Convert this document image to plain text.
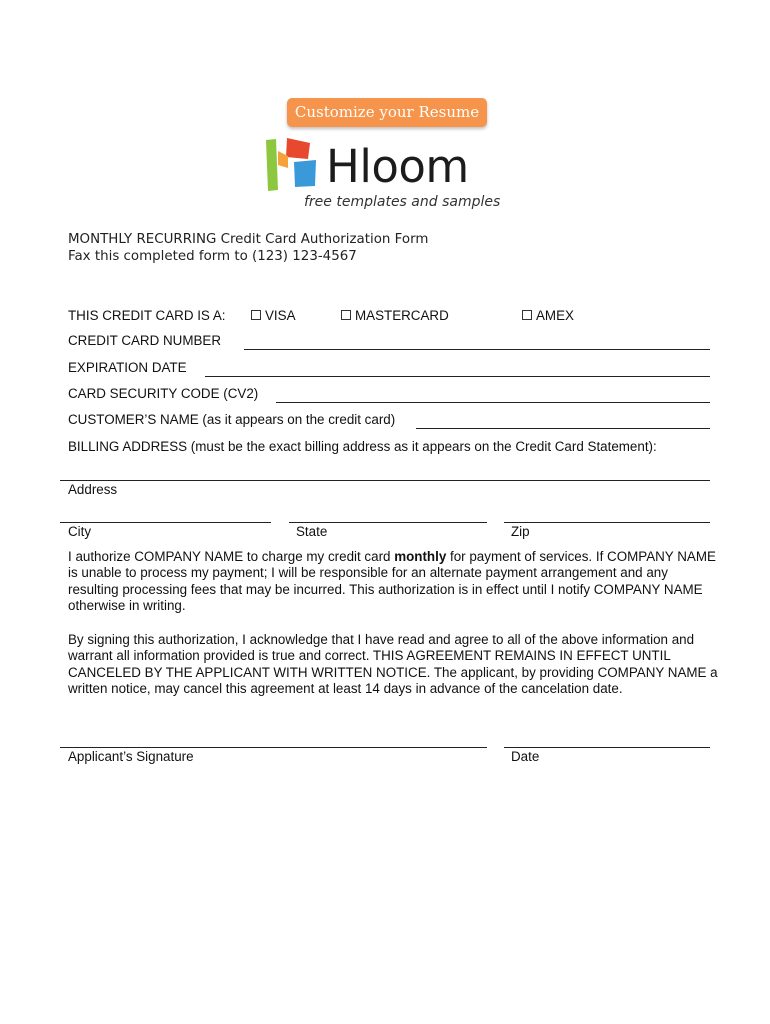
Customize your Resume
Hloom
free templates and samples
MONTHLY RECURRING Credit Card Authorization Form
Fax this completed form to (123) 123-4567
THIS CREDIT CARD IS A:	VISA	MASTERCARD	AMEX
CREDIT CARD NUMBER
EXPIRATION DATE
CARD SECURITY CODE (CV2)
CUSTOMER’S NAME (as it appears on the credit card)
BILLING ADDRESS (must be the exact billing address as it appears on the Credit Card Statement):
Address
City	State	Zip
I authorize COMPANY NAME to charge my credit card monthly for payment of services. If COMPANY NAME is unable to process my payment; I will be responsible for an alternate payment arrangement and any resulting processing fees that may be incurred. This authorization is in effect until I notify COMPANY NAME otherwise in writing.
By signing this authorization, I acknowledge that I have read and agree to all of the above information and warrant all information provided is true and correct. THIS AGREEMENT REMAINS IN EFFECT UNTIL CANCELED BY THE APPLICANT WITH WRITTEN NOTICE. The applicant, by providing COMPANY NAME a written notice, may cancel this agreement at least 14 days in advance of the cancelation date.
Applicant’s Signature	Date
